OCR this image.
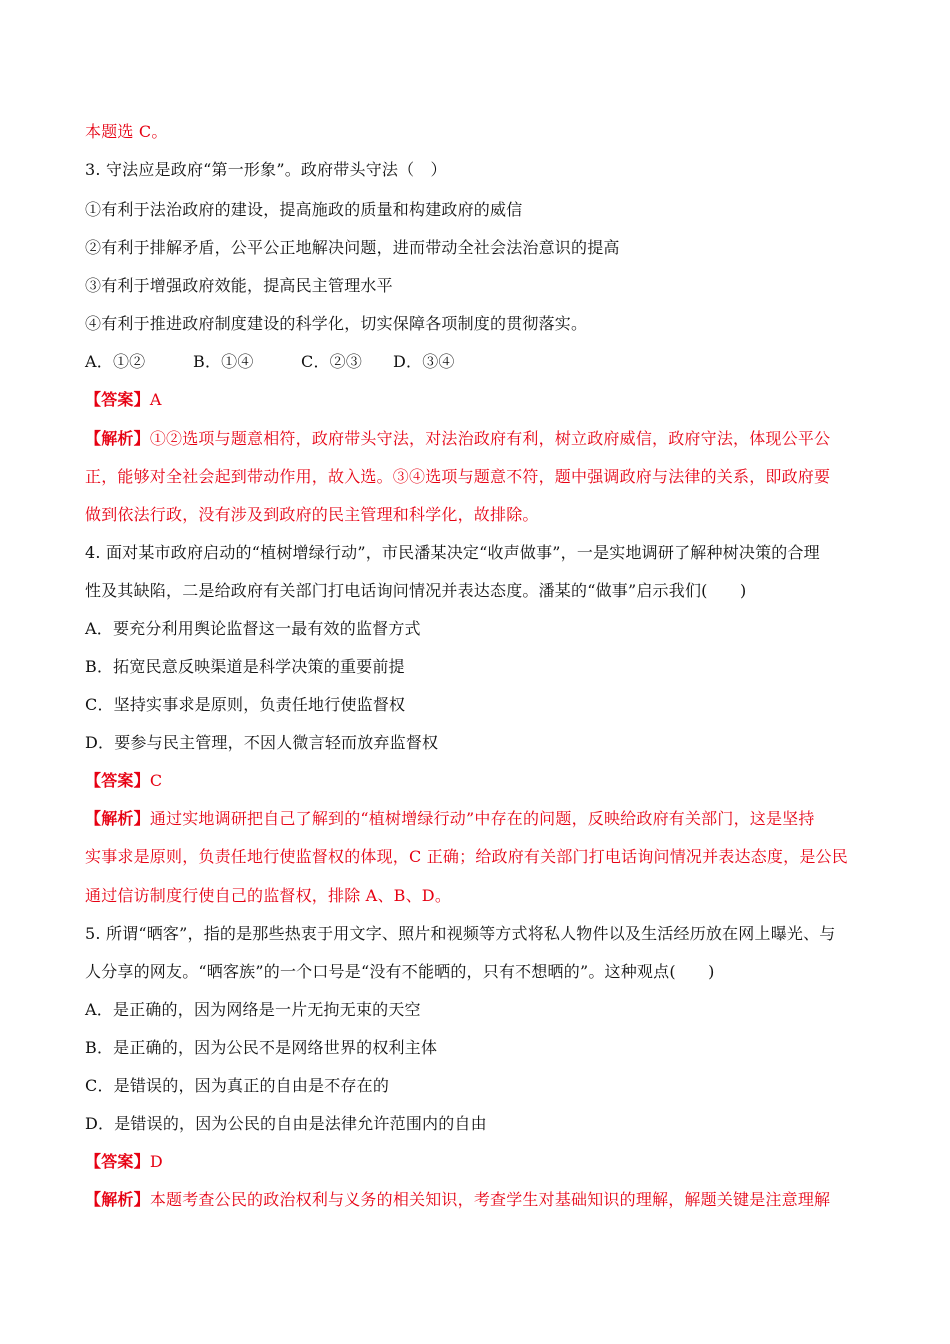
本题选 C。
3. 守法应是政府“第一形象”。政府带头守法（　）
①有利于法治政府的建设，提高施政的质量和构建政府的威信
②有利于排解矛盾，公平公正地解决问题，进而带动全社会法治意识的提高
③有利于增强政府效能，提高民主管理水平
④有利于推进政府制度建设的科学化，切实保障各项制度的贯彻落实。
A．①②	B．①④	C．②③ D．③④
【答案】A
【解析】①②选项与题意相符，政府带头守法，对法治政府有利，树立政府威信，政府守法，体现公平公
正，能够对全社会起到带动作用，故入选。③④选项与题意不符，题中强调政府与法律的关系，即政府要
做到依法行政，没有涉及到政府的民主管理和科学化，故排除。
4. 面对某市政府启动的“植树增绿行动”，市民潘某决定“收声做事”，一是实地调研了解种树决策的合理
性及其缺陷，二是给政府有关部门打电话询问情况并表达态度。潘某的“做事”启示我们(　　)
A．要充分利用舆论监督这一最有效的监督方式
B．拓宽民意反映渠道是科学决策的重要前提
C．坚持实事求是原则，负责任地行使监督权
D．要参与民主管理，不因人微言轻而放弃监督权
【答案】C
【解析】通过实地调研把自己了解到的“植树增绿行动”中存在的问题，反映给政府有关部门，这是坚持
实事求是原则，负责任地行使监督权的体现，C 正确；给政府有关部门打电话询问情况并表达态度，是公民
通过信访制度行使自己的监督权，排除 A、B、D。
5. 所谓“晒客”，指的是那些热衷于用文字、照片和视频等方式将私人物件以及生活经历放在网上曝光、与
人分享的网友。“晒客族”的一个口号是“没有不能晒的，只有不想晒的”。这种观点(　　)
A．是正确的，因为网络是一片无拘无束的天空
B．是正确的，因为公民不是网络世界的权利主体
C．是错误的，因为真正的自由是不存在的
D．是错误的，因为公民的自由是法律允许范围内的自由
【答案】D
【解析】本题考查公民的政治权利与义务的相关知识，考查学生对基础知识的理解，解题关键是注意理解
